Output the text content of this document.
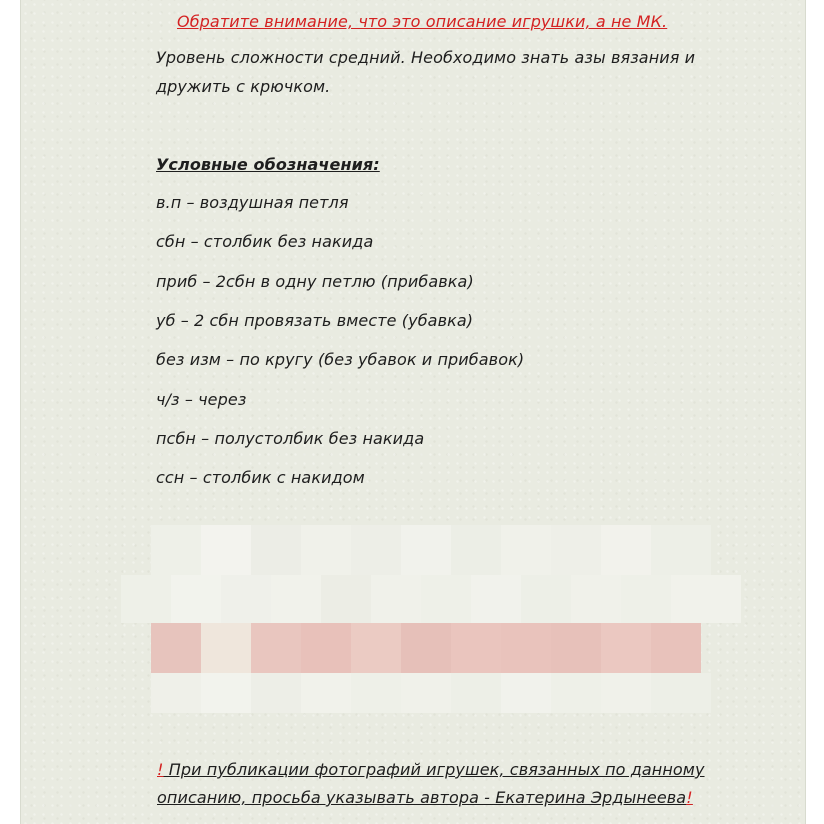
Обратите внимание, что это описание игрушки, а не МК.
Уровень сложности средний. Необходимо знать азы вязания и
дружить с крючком.
Условные обозначения:
в.п – воздушная петля
сбн – столбик без накида
приб – 2сбн в одну петлю (прибавка)
уб – 2 сбн провязать вместе (убавка)
без изм – по кругу (без убавок и прибавок)
ч/з – через
псбн – полустолбик без накида
ссн – столбик с накидом
! При публикации фотографий игрушек, связанных по данному
описанию, просьба указывать автора - Екатерина Эрдынеева!
